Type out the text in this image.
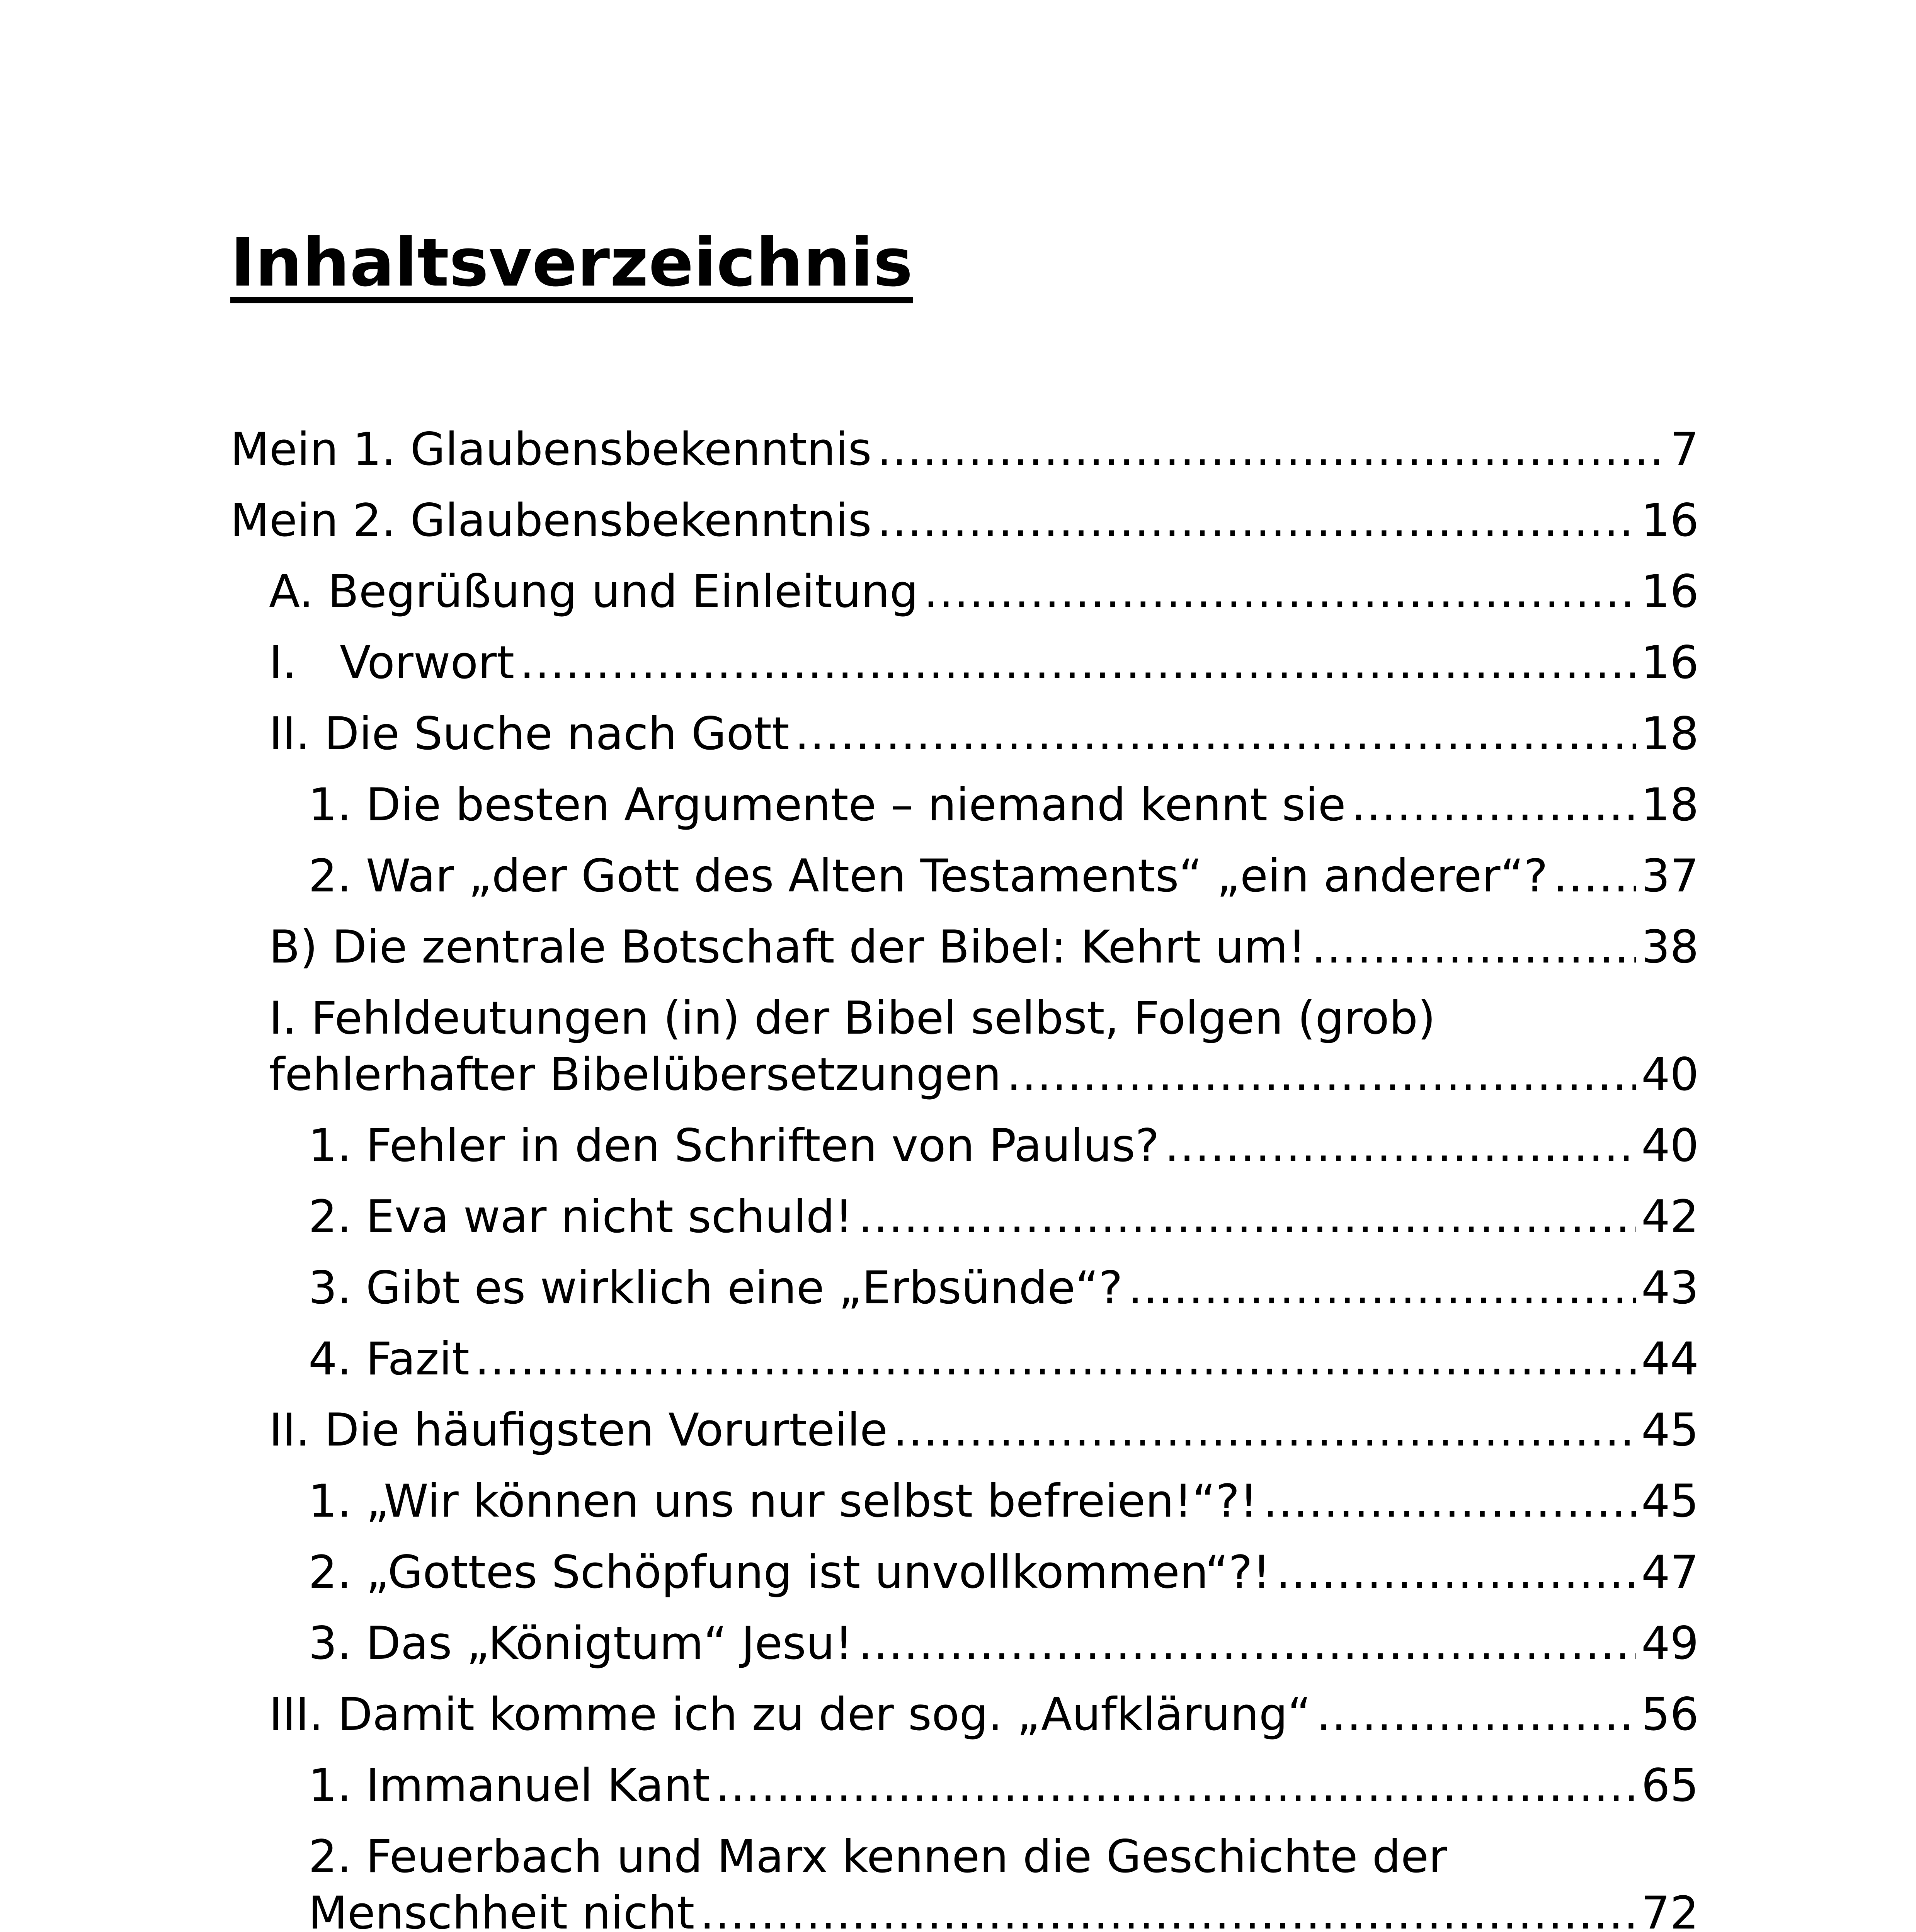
Inhaltsverzeichnis
Mein 1. Glaubensbekenntnis .....	7
Mein 2. Glaubensbekenntnis .....	16
A. Begrüßung und Einleitung .....	16
I.   Vorwort .....	16
II. Die Suche nach Gott .....	18
1. Die besten Argumente – niemand kennt sie .....	18
2. War „der Gott des Alten Testaments“ „ein anderer“? ..... 37
B) Die zentrale Botschaft der Bibel: Kehrt um! .....	38
I. Fehldeutungen (in) der Bibel selbst, Folgen (grob)
fehlerhafter Bibelübersetzungen .....	40
1. Fehler in den Schriften von Paulus? .....	40
2. Eva war nicht schuld! .....	42
3. Gibt es wirklich eine „Erbsünde“? .....	43
4. Fazit .....	44
II. Die häufigsten Vorurteile .....	45
1. „Wir können uns nur selbst befreien!“?! .....	45
2. „Gottes Schöpfung ist unvollkommen“?! .....	47
3. Das „Königtum“ Jesu! .....	49
III. Damit komme ich zu der sog. „Aufklärung“ .....	56
1. Immanuel Kant .....	65
2. Feuerbach und Marx kennen die Geschichte der
Menschheit nicht .....	72
